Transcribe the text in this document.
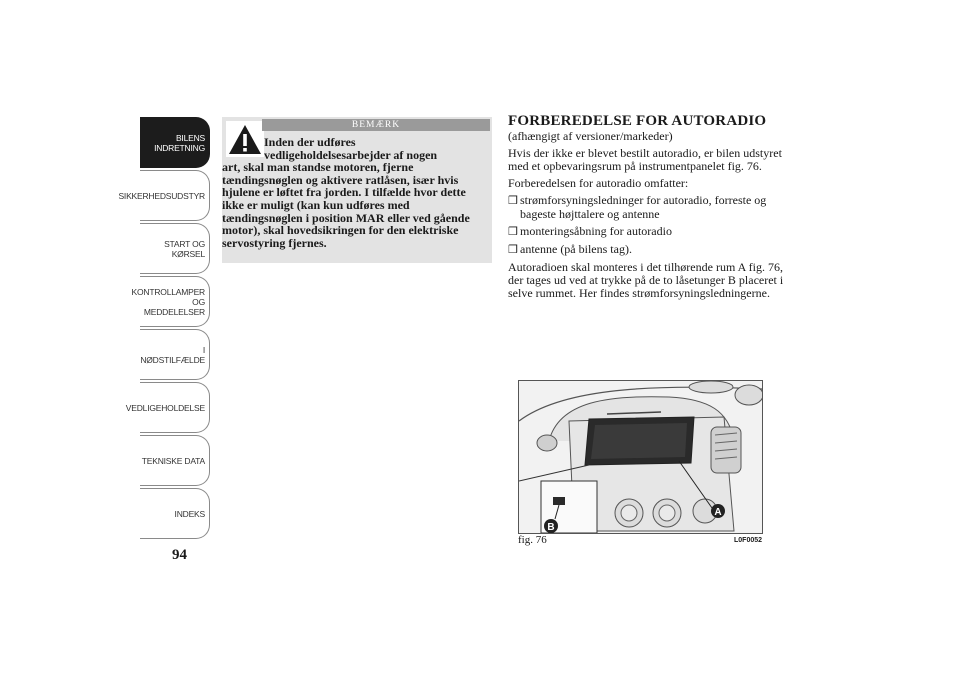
BILENS
INDRETNING
SIKKERHEDSUDSTYR
START OG KØRSEL
KONTROLLAMPER
OG MEDDELELSER
I NØDSTILFÆLDE
VEDLIGEHOLDELSE
TEKNISKE DATA
INDEKS
94
BEMÆRK
Inden der udføres
vedligeholdelsesarbejder af nogen
art, skal man standse motoren, fjerne tændingsnøglen og aktivere ratlåsen, især hvis hjulene er løftet fra jorden. I tilfælde hvor dette ikke er muligt (kan kun udføres med tændingsnøglen i position MAR eller ved gående motor), skal hovedsikringen for den elektriske servostyring fjernes.
FORBEREDELSE FOR AUTORADIO
(afhængigt af versioner/markeder)

Hvis der ikke er blevet bestilt autoradio, er bilen udstyret med et opbevaringsrum på instrumentpanelet fig. 76.

Forberedelsen for autoradio omfatter:

❒ strømforsyningsledninger for autoradio, forreste og bageste højttalere og antenne
❒ monteringsåbning for autoradio
❒ antenne (på bilens tag).

Autoradioen skal monteres i det tilhørende rum A fig. 76, der tages ud ved at trykke på de to låsetunger B placeret i selve rummet. Her findes strømforsyningsledningerne.

A
B
fig. 76	L0F0052
